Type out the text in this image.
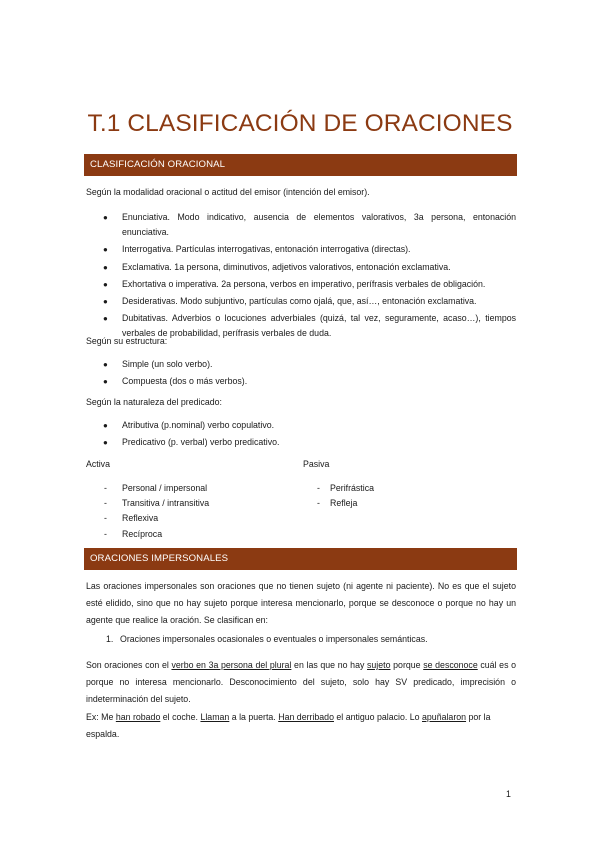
T.1 CLASIFICACIÓN DE ORACIONES
CLASIFICACIÓN ORACIONAL
Según la modalidad oracional o actitud del emisor (intención del emisor).
● Enunciativa. Modo indicativo, ausencia de elementos valorativos, 3a persona, entonación enunciativa.
● Interrogativa. Partículas interrogativas, entonación interrogativa (directas).
● Exclamativa. 1a persona, diminutivos, adjetivos valorativos, entonación exclamativa.
● Exhortativa o imperativa. 2a persona, verbos en imperativo, perífrasis verbales de obligación.
● Desiderativas. Modo subjuntivo, partículas como ojalá, que, así…, entonación exclamativa.
● Dubitativas. Adverbios o locuciones adverbiales (quizá, tal vez, seguramente, acaso…), tiempos verbales de probabilidad, perífrasis verbales de duda.
Según su estructura:
● Simple (un solo verbo).
● Compuesta (dos o más verbos).
Según la naturaleza del predicado:
● Atributiva (p.nominal) verbo copulativo.
● Predicativo (p. verbal) verbo predicativo.
Activa
- Personal / impersonal
- Transitiva / intransitiva
- Reflexiva
- Recíproca
Pasiva
- Perifrástica
- Refleja
ORACIONES IMPERSONALES
Las oraciones impersonales son oraciones que no tienen sujeto (ni agente ni paciente). No es que el sujeto esté elidido, sino que no hay sujeto porque interesa mencionarlo, porque se desconoce o porque no hay un agente que realice la oración. Se clasifican en:
1. Oraciones impersonales ocasionales o eventuales o impersonales semánticas.
Son oraciones con el verbo en 3a persona del plural en las que no hay sujeto porque se desconoce cuál es o porque no interesa mencionarlo. Desconocimiento del sujeto, solo hay SV predicado, imprecisión o indeterminación del sujeto.
Ex: Me han robado el coche. Llaman a la puerta. Han derribado el antiguo palacio. Lo apuñalaron por la espalda.
1
